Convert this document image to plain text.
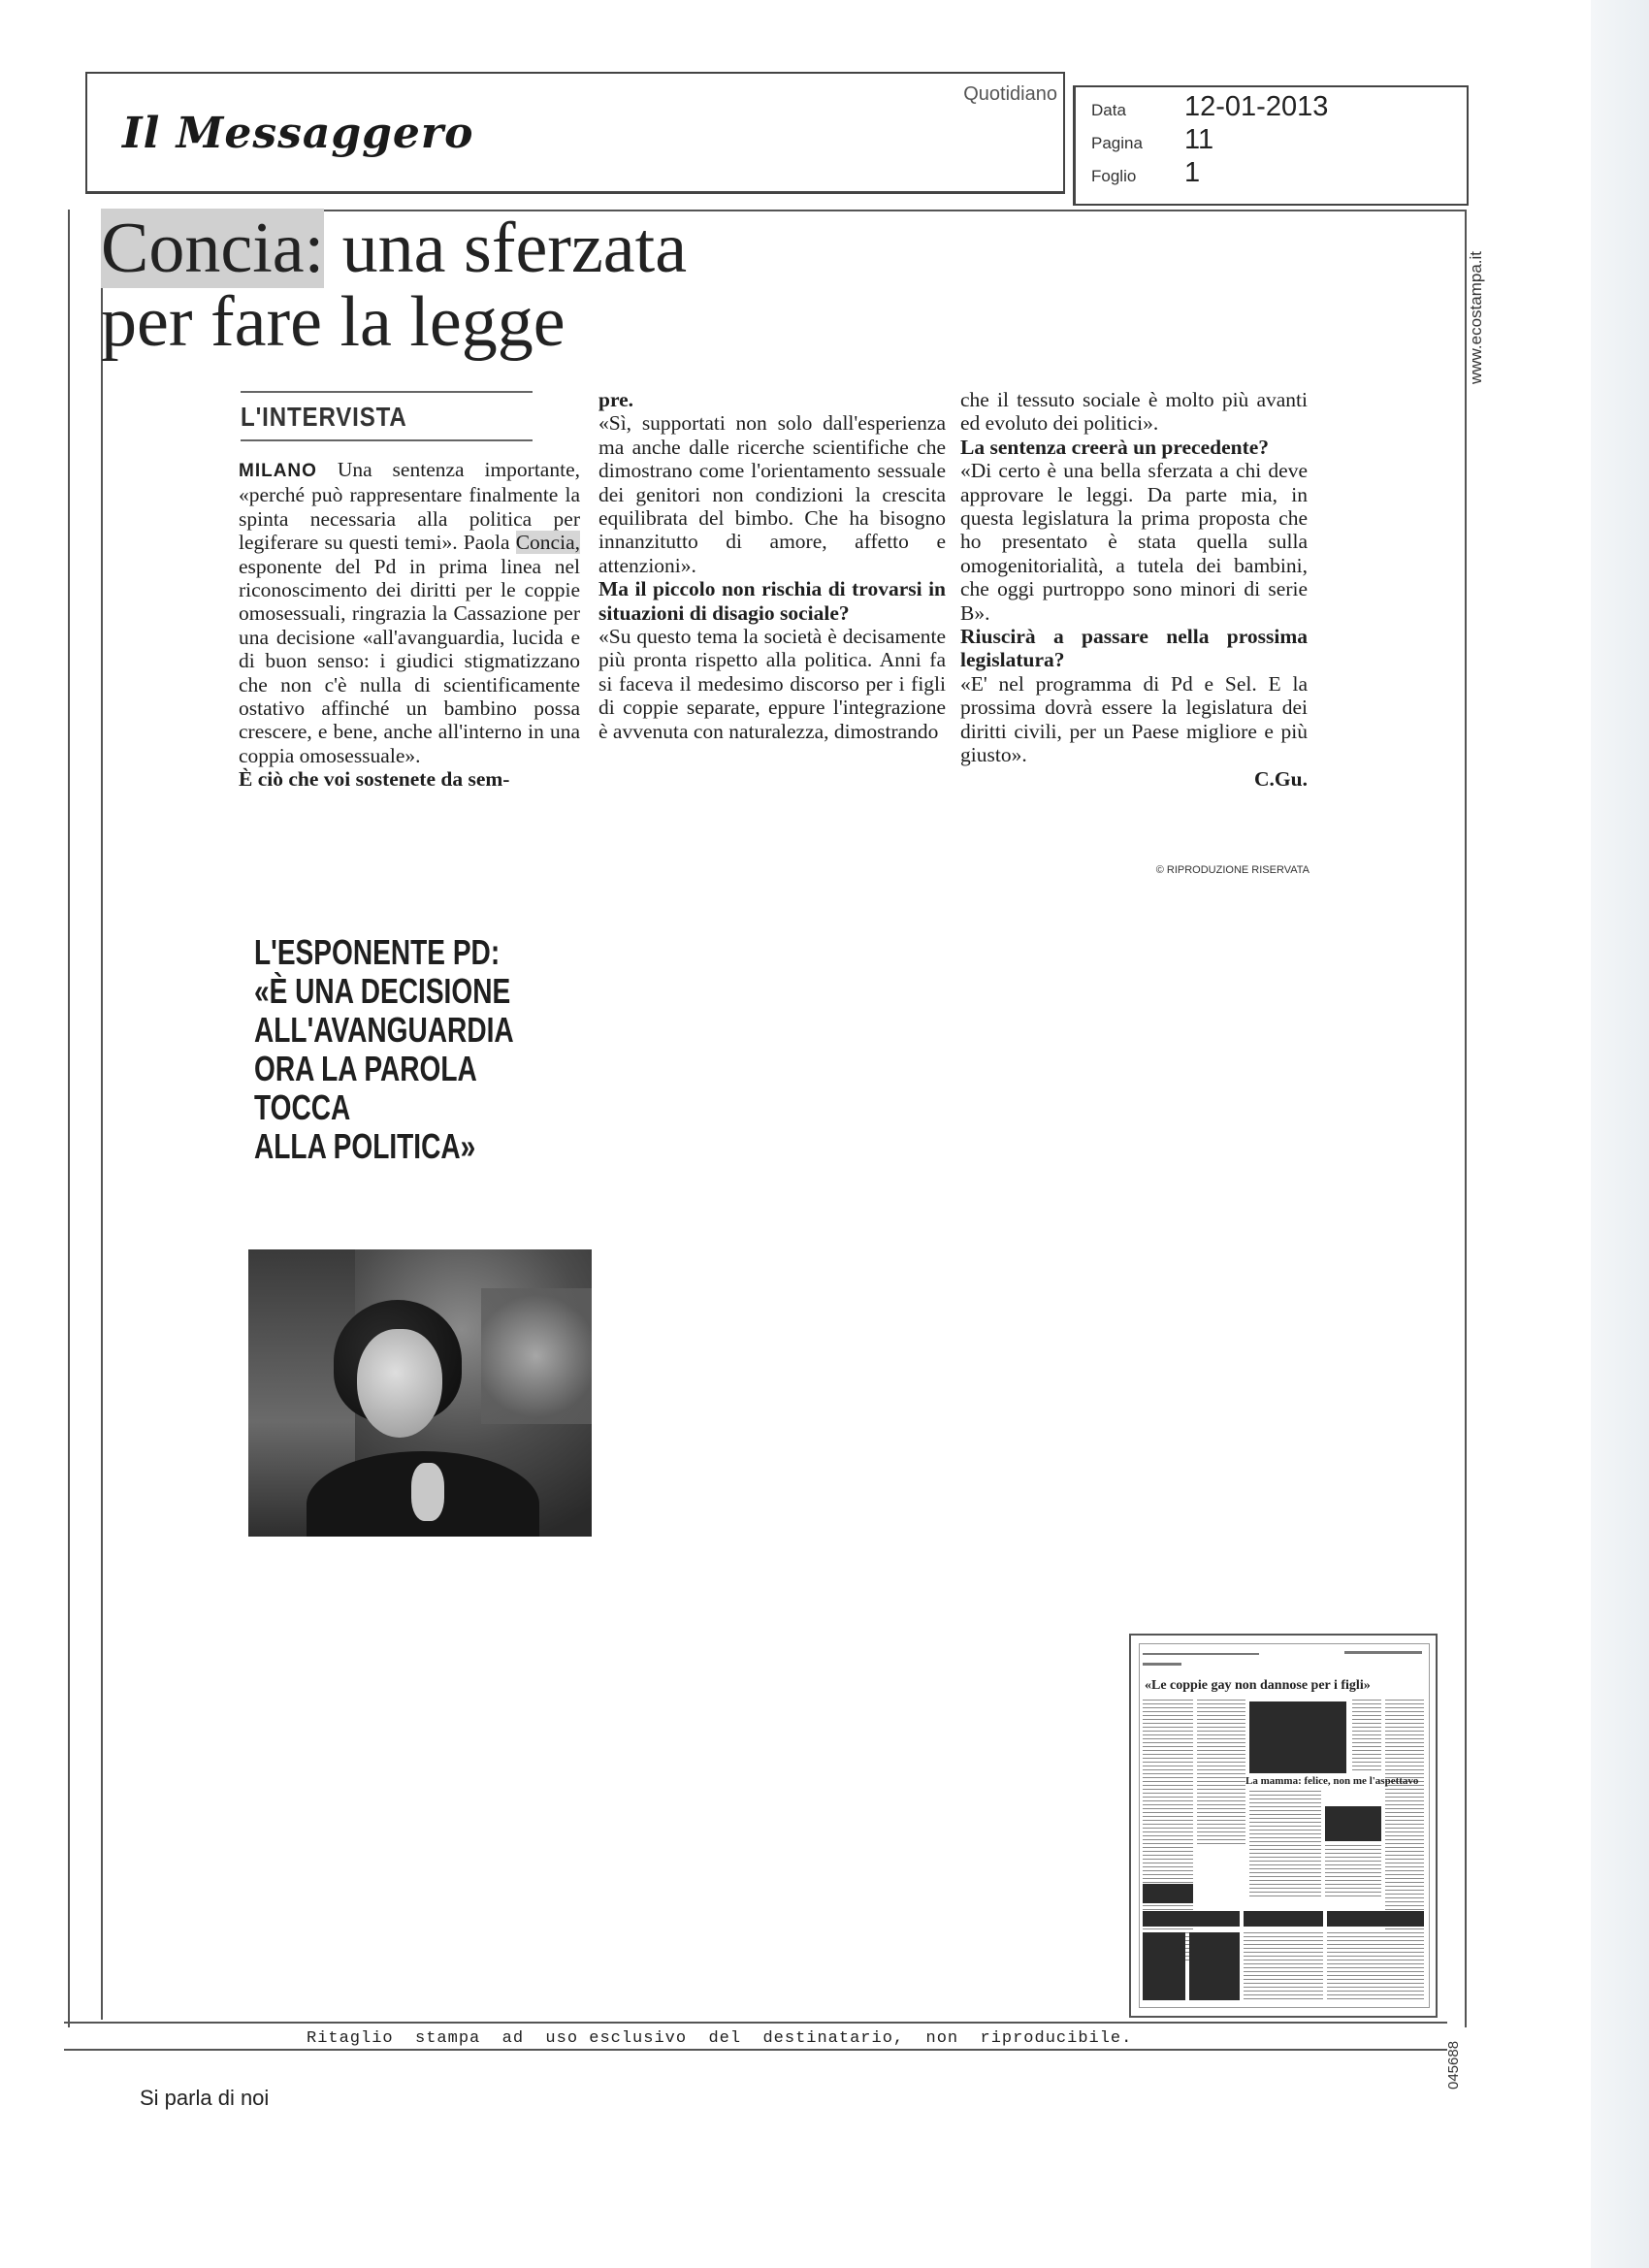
Il Messaggero
Quotidiano
Data	12-01-2013
Pagina	11
Foglio	1
www.ecostampa.it
045688
Concia: una sferzata
per fare la legge
L'INTERVISTA

MILANO Una sentenza importante, «perché può rappresentare finalmente la spinta necessaria alla politica per legiferare su questi temi». Paola Concia, esponente del Pd in prima linea nel riconoscimento dei diritti per le coppie omosessuali, ringrazia la Cassazione per una decisione «all'avanguardia, lucida e di buon senso: i giudici stigmatizzano che non c'è nulla di scientificamente ostativo affinché un bambino possa crescere, e bene, anche all'interno in una coppia omosessuale».

È ciò che voi sostenete da sem-

pre.

«Sì, supportati non solo dall'esperienza ma anche dalle ricerche scientifiche che dimostrano come l'orientamento sessuale dei genitori non condizioni la crescita equilibrata del bimbo. Che ha bisogno innanzitutto di amore, affetto e attenzioni».

Ma il piccolo non rischia di trovarsi in situazioni di disagio sociale?

«Su questo tema la società è decisamente più pronta rispetto alla politica. Anni fa si faceva il medesimo discorso per i figli di coppie separate, eppure l'integrazione è avvenuta con naturalezza, dimostrando

che il tessuto sociale è molto più avanti ed evoluto dei politici».

La sentenza creerà un precedente?

«Di certo è una bella sferzata a chi deve approvare le leggi. Da parte mia, in questa legislatura la prima proposta che ho presentato è stata quella sulla omogenitorialità, a tutela dei bambini, che oggi purtroppo sono minori di serie B».

Riuscirà a passare nella prossima legislatura?

«E' nel programma di Pd e Sel. E la prossima dovrà essere la legislatura dei diritti civili, per un Paese migliore e più giusto».

C.Gu.

© RIPRODUZIONE RISERVATA
L'ESPONENTE PD:
«È UNA DECISIONE
ALL'AVANGUARDIA
ORA LA PAROLA
TOCCA
ALLA POLITICA»
«Le coppie gay non dannose per i figli»
La mamma: felice, non me l'aspettavo
Ritaglio  stampa  ad  uso esclusivo  del  destinatario,  non  riproducibile.
Si parla di noi
